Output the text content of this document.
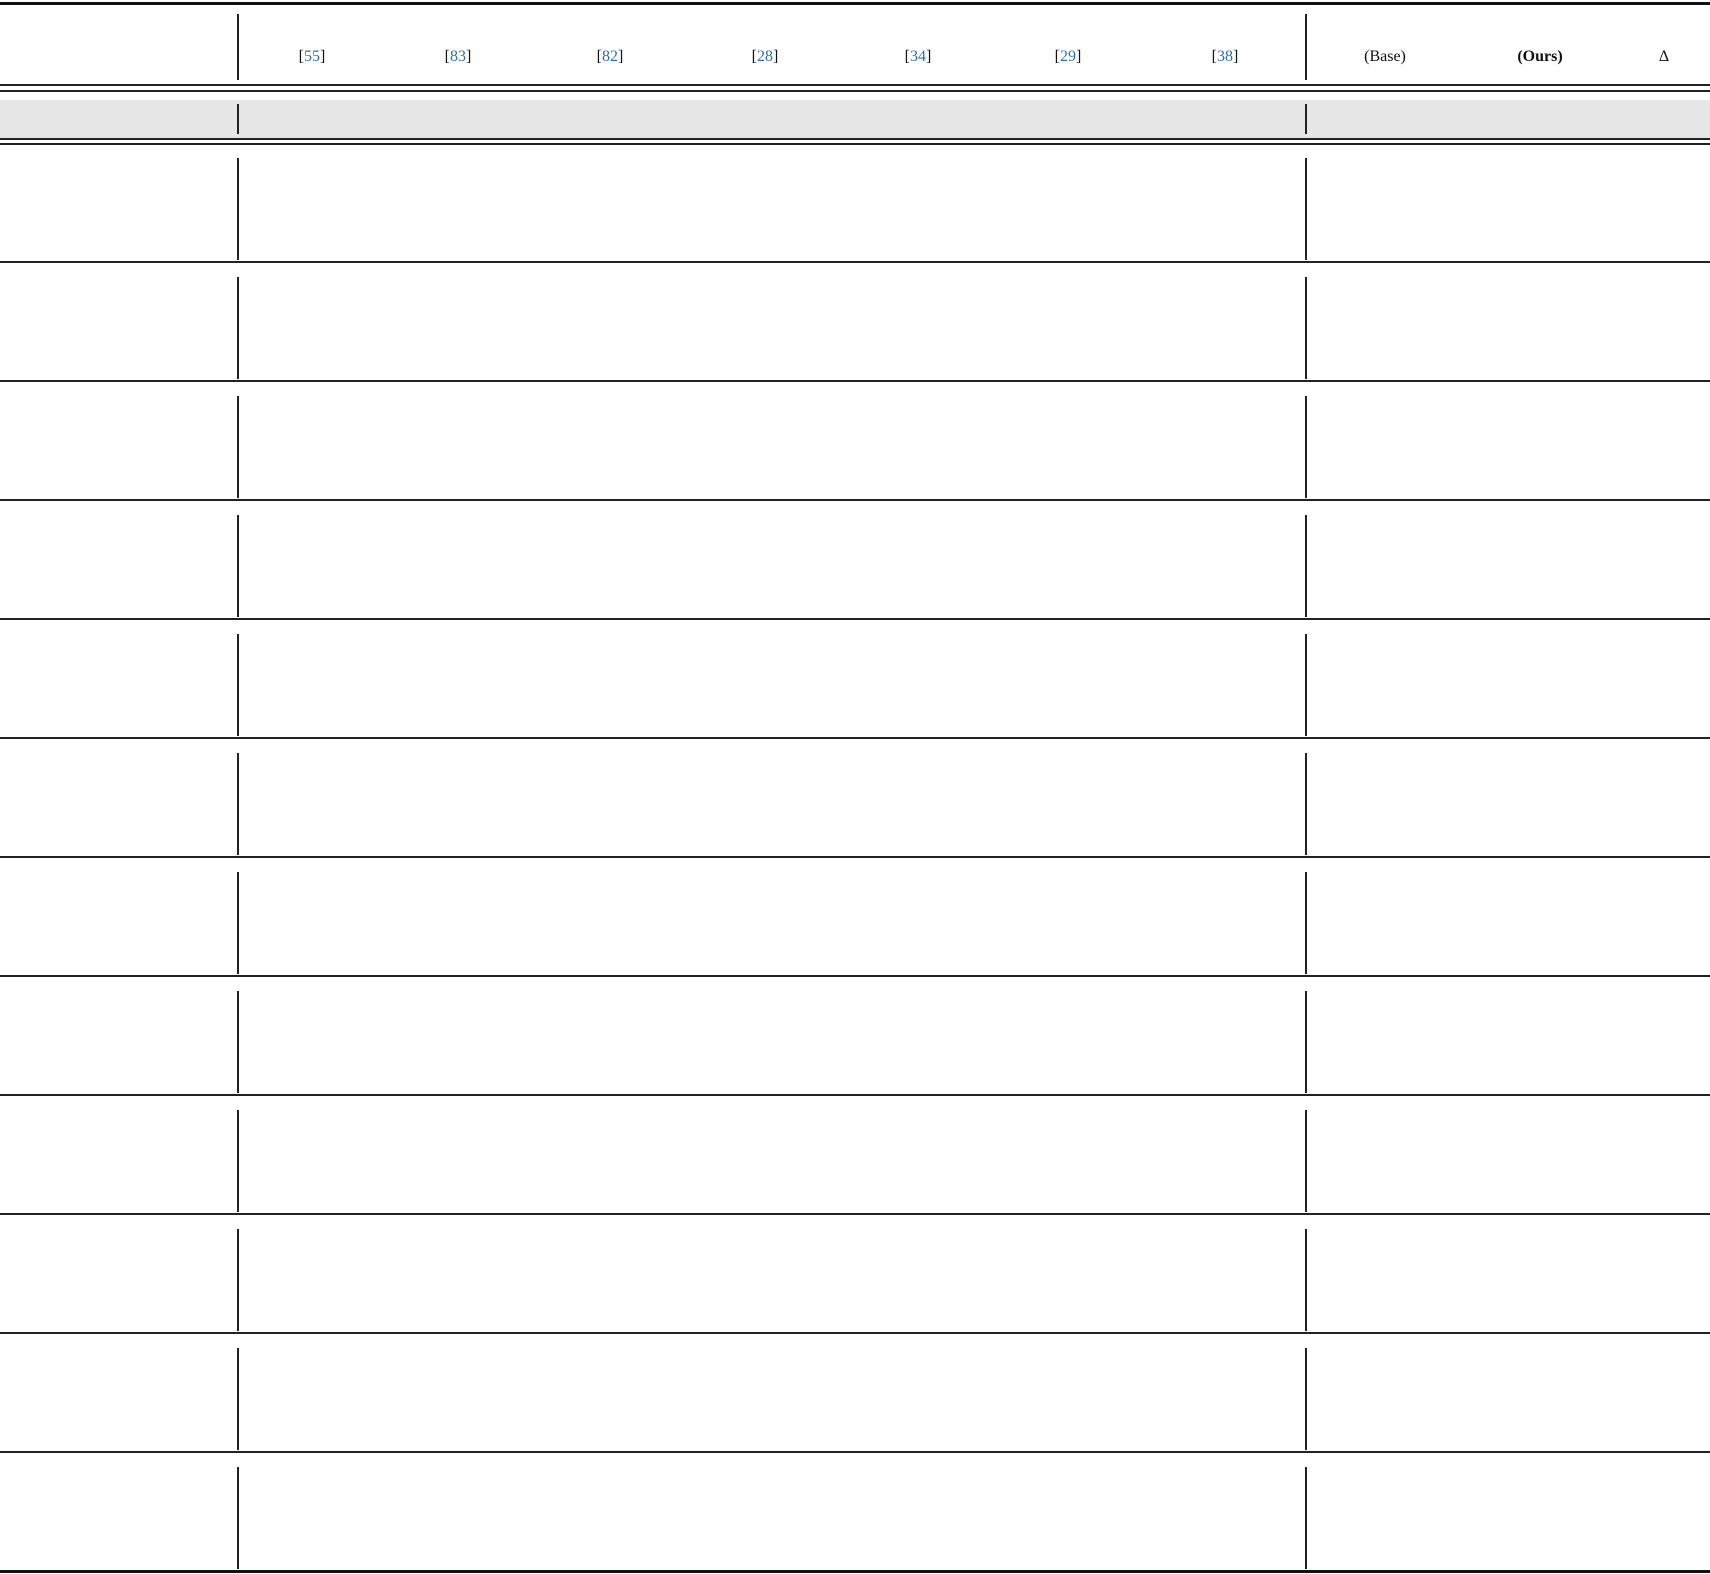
[55]	[83]	[82]	[28]	[34]	[29]	[38]	(Base)	(Ours)	Δ
